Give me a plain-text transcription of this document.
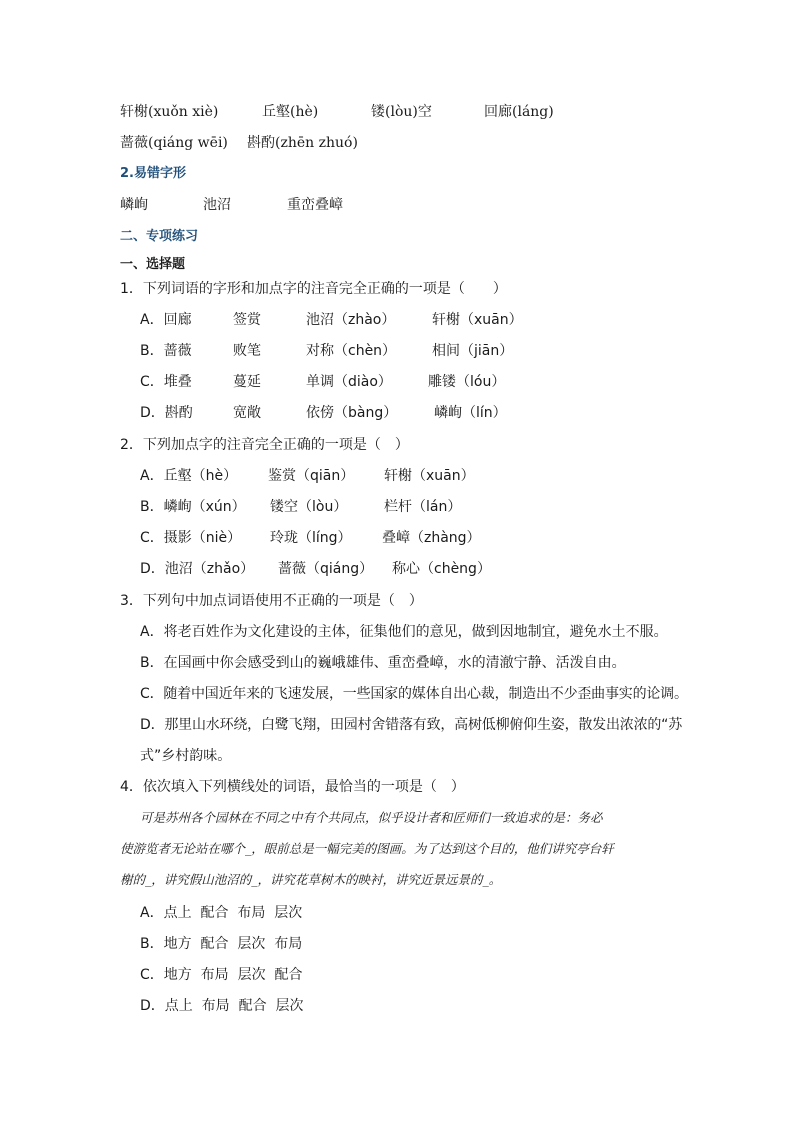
轩榭(xuǒn xiè)	丘壑(hè)	镂(lòu)空	回廊(láng)
蔷薇(qiáng wēi) 斟酌(zhēn zhuó)
2.易错字形
嶙峋	池沼	重峦叠嶂
二、专项练习
一、选择题
1．下列词语的字形和加点字的注音完全正确的一项是（　　）
A．回廊	签赏	池沼（zhào）	轩榭（xuān）
B．蔷薇	败笔	对称（chèn）	相间（jiān）
C．堆叠	蔓延	单调（diào）	雕镂（lóu）
D．斟酌	宽敞	依傍（bàng）	嶙峋（lín）
2．下列加点字的注音完全正确的一项是（　）
A．丘壑（hè） 鉴赏（qiān） 轩榭（xuān）
B．嶙峋（xún） 镂空（lòu）	栏杆（lán）
C．摄影（niè） 玲珑（líng） 叠嶂（zhàng）
D．池沼（zhǎo） 蔷薇（qiáng） 称心（chèng）
3．下列句中加点词语使用不正确的一项是（　）
A．将老百姓作为文化建设的主体，征集他们的意见，做到因地制宜，避免水土不服。
B．在国画中你会感受到山的巍峨雄伟、重峦叠嶂，水的清澈宁静、活泼自由。
C．随着中国近年来的飞速发展，一些国家的媒体自出心裁，制造出不少歪曲事实的论调。
D．那里山水环绕，白鹭飞翔，田园村舍错落有致，高树低柳俯仰生姿，散发出浓浓的“苏
式”乡村韵味。
4．依次填入下列横线处的词语，最恰当的一项是（　）
可是苏州各个园林在不同之中有个共同点，似乎设计者和匠师们一致追求的是：务必
使游览者无论站在哪个_，眼前总是一幅完美的图画。为了达到这个目的，他们讲究亭台轩
榭的_，讲究假山池沼的_，讲究花草树木的映衬，讲究近景远景的_。
A．点上  配合  布局  层次
B．地方  配合  层次  布局
C．地方  布局  层次  配合
D．点上  布局  配合  层次
